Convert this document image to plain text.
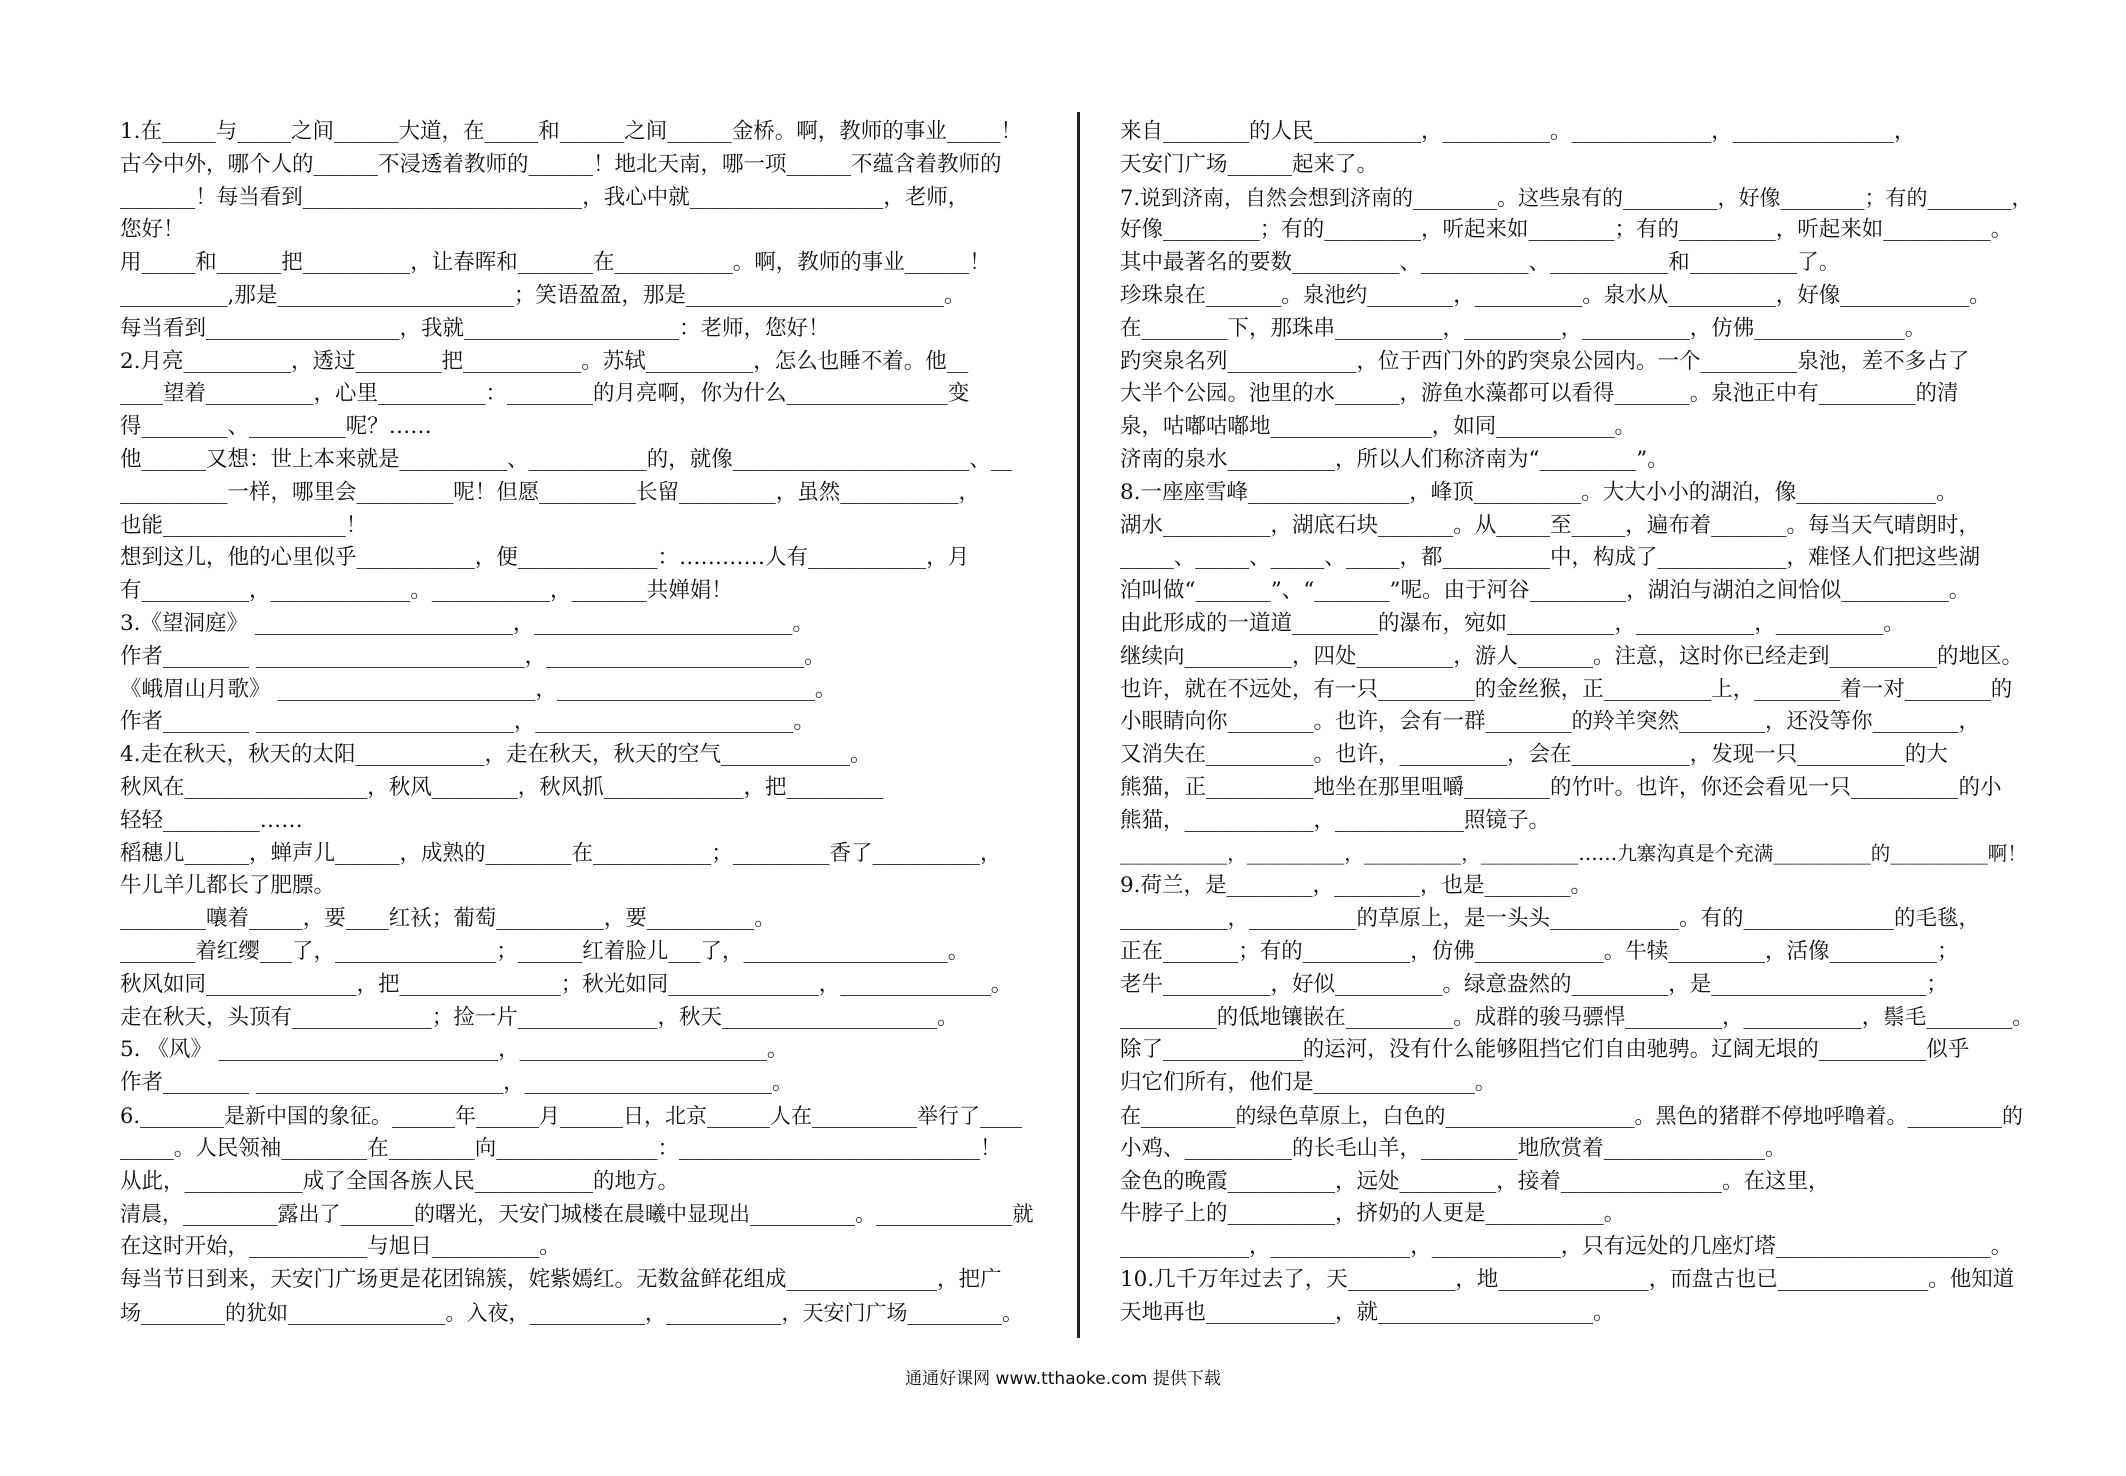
1.在_____与_____之间______大道，在_____和______之间______金桥。啊，教师的事业_____！
古今中外，哪个人的______不浸透着教师的______！地北天南，哪一项______不蕴含着教师的
_______！每当看到__________________________，我心中就__________________，老师，
您好！
用_____和______把__________，让春晖和_______在___________。啊，教师的事业______！
__________,那是______________________；笑语盈盈，那是________________________。
每当看到__________________，我就____________________：老师，您好！
2.月亮__________，透过________把___________。苏轼__________，怎么也睡不着。他__
____望着__________，心里__________：________的月亮啊，你为什么_______________变
得________、_________呢？……
他______又想：世上本来就是__________、___________的，就像______________________、__
__________一样，哪里会_________呢！但愿_________长留_________，虽然___________，
也能_________________！
想到这儿，他的心里似乎___________，便_____________：…………人有___________，月
有__________，_____________。___________，_______共婵娟！
3.《望洞庭》 ________________________，________________________。
作者________ _________________________，________________________。
《峨眉山月歌》 ________________________，________________________。
作者________ ________________________，________________________。
4.走在秋天，秋天的太阳____________，走在秋天，秋天的空气____________。
秋风在_________________，秋风________，秋风抓_____________，把_________
轻轻_________……
稻穗儿______，蝉声儿______，成熟的________在___________；_________香了__________，
牛儿羊儿都长了肥膘。
________嚷着_____，要____红袄；葡萄__________，要__________。
_______着红缨___了，_______________；______红着脸儿___了，___________________。
秋风如同______________，把_______________；秋光如同______________，______________。
走在秋天，头顶有_____________；捡一片_____________，秋天____________________。
5. 《风》 __________________________，_______________________。
作者________ _______________________，_______________________。
6.________是新中国的象征。______年______月______日，北京______人在__________举行了____
_____。人民领袖________在________向_______________：____________________________！
从此，___________成了全国各族人民___________的地方。
清晨，_________露出了_______的曙光，天安门城楼在晨曦中显现出__________。_____________就
在这时开始，___________与旭日__________。
每当节日到来，天安门广场更是花团锦簇，姹紫嫣红。无数盆鲜花组成______________，把广
场________的犹如_______________。入夜，___________，___________，天安门广场_________。
来自________的人民__________，__________。_____________，_______________，
天安门广场______起来了。
7.说到济南，自然会想到济南的________。这些泉有的_________，好像________；有的________，
好像_________；有的_________，听起来如________；有的_________，听起来如__________。
其中最著名的要数__________、__________、___________和__________了。
珍珠泉在_______。泉池约________，__________。泉水从__________，好像____________。
在________下，那珠串__________，_________，__________，仿佛______________。
趵突泉名列____________，位于西门外的趵突泉公园内。一个_________泉池，差不多占了
大半个公园。池里的水______，游鱼水藻都可以看得_______。泉池正中有_________的清
泉，咕嘟咕嘟地_______________，如同___________。
济南的泉水__________，所以人们称济南为“_________”。
8.一座座雪峰_______________，峰顶__________。大大小小的湖泊，像_____________。
湖水__________，湖底石块_______。从_____至_____，遍布着_______。每当天气晴朗时，
_____、_____、_____、_____，都__________中，构成了____________，难怪人们把这些湖
泊叫做“_______”、“_______”呢。由于河谷_________，湖泊与湖泊之间恰似__________。
由此形成的一道道________的瀑布，宛如__________，___________，__________。
继续向__________，四处_________，游人_______。注意，这时你已经走到__________的地区。
也许，就在不远处，有一只_________的金丝猴，正__________上，________着一对________的
小眼睛向你________。也许，会有一群________的羚羊突然________，还没等你________，
又消失在__________。也许，__________，会在___________，发现一只__________的大
熊猫，正__________地坐在那里咀嚼________的竹叶。也许，你还会看见一只__________的小
熊猫，____________，____________照镜子。
___________，__________，__________，__________……九寨沟真是个充满__________的__________啊！
9.荷兰，是________，________，也是________。
__________，__________的草原上，是一头头____________。有的______________的毛毯，
正在_______；有的__________，仿佛____________。牛犊_________，活像__________；
老牛__________，好似__________。绿意盎然的_________，是____________________；
_________的低地镶嵌在__________。成群的骏马骠悍_________，___________，鬃毛________。
除了_____________的运河，没有什么能够阻挡它们自由驰骋。辽阔无垠的__________似乎
归它们所有，他们是_______________。
在_________的绿色草原上，白色的__________________。黑色的猪群不停地呼噜着。_________的
小鸡、__________的长毛山羊，_________地欣赏着_______________。
金色的晚霞__________，远处_________，接着_______________。在这里，
牛脖子上的__________，挤奶的人更是___________。
____________，_____________，____________，只有远处的几座灯塔____________________。
10.几千万年过去了，天__________，地______________，而盘古也已______________。他知道
天地再也____________，就____________________。
通通好课网 www.tthaoke.com 提供下载
